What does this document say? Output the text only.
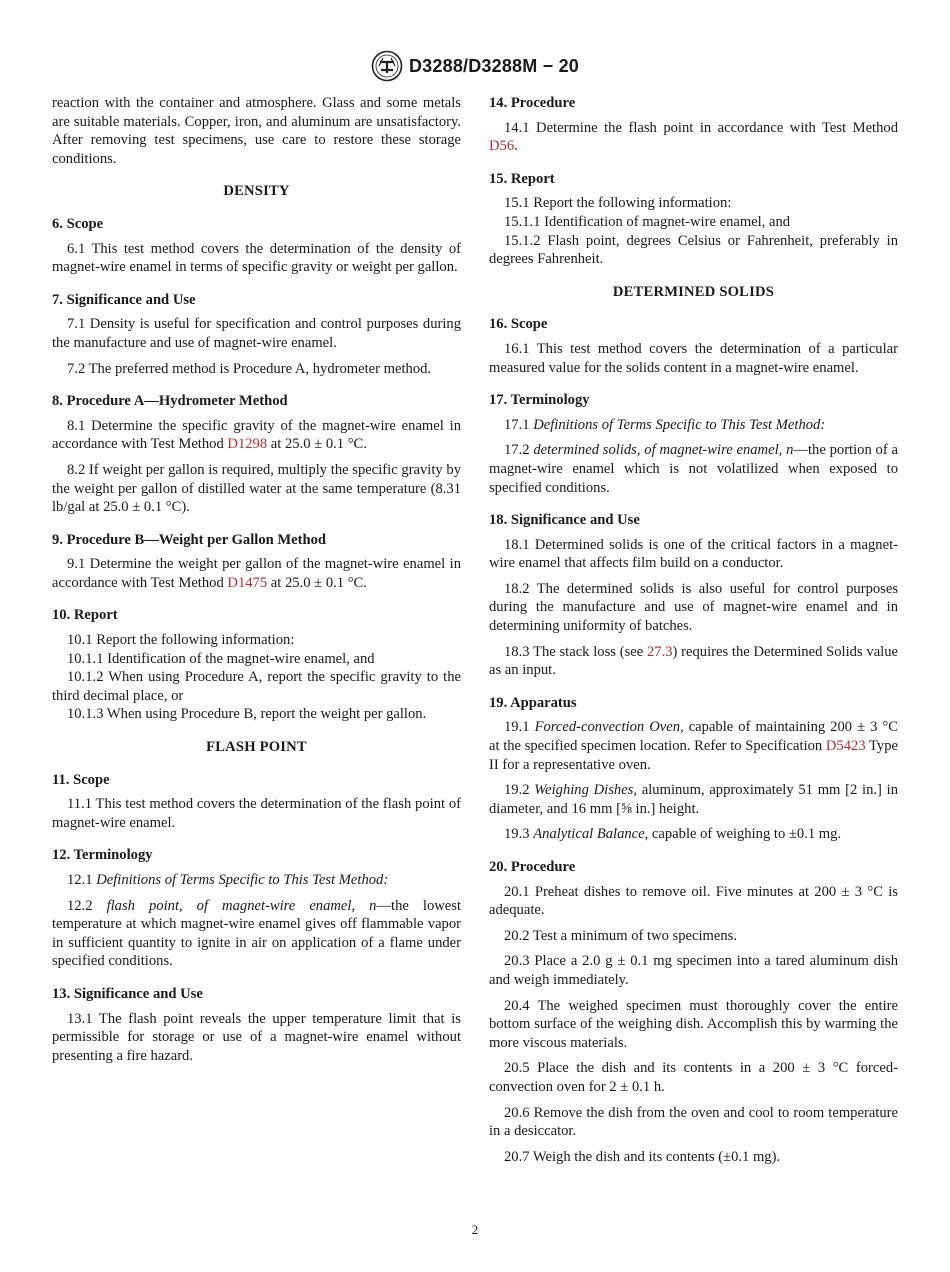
D3288/D3288M − 20

reaction with the container and atmosphere. Glass and some metals are suitable materials. Copper, iron, and aluminum are unsatisfactory. After removing test specimens, use care to restore these storage conditions.

DENSITY
6. Scope

6.1 This test method covers the determination of the density of magnet-wire enamel in terms of specific gravity or weight per gallon.

7. Significance and Use

7.1 Density is useful for specification and control purposes during the manufacture and use of magnet-wire enamel.

7.2 The preferred method is Procedure A, hydrometer method.

8. Procedure A—Hydrometer Method

8.1 Determine the specific gravity of the magnet-wire enamel in accordance with Test Method D1298 at 25.0 ± 0.1 °C.

8.2 If weight per gallon is required, multiply the specific gravity by the weight per gallon of distilled water at the same temperature (8.31 lb/gal at 25.0 ± 0.1 °C).

9. Procedure B—Weight per Gallon Method

9.1 Determine the weight per gallon of the magnet-wire enamel in accordance with Test Method D1475 at 25.0 ± 0.1 °C.

10. Report

10.1 Report the following information:

10.1.1 Identification of the magnet-wire enamel, and

10.1.2 When using Procedure A, report the specific gravity to the third decimal place, or

10.1.3 When using Procedure B, report the weight per gallon.

FLASH POINT
11. Scope

11.1 This test method covers the determination of the flash point of magnet-wire enamel.

12. Terminology

12.1 Definitions of Terms Specific to This Test Method:

12.2 flash point, of magnet-wire enamel, n—the lowest temperature at which magnet-wire enamel gives off flammable vapor in sufficient quantity to ignite in air on application of a flame under specified conditions.

13. Significance and Use

13.1 The flash point reveals the upper temperature limit that is permissible for storage or use of a magnet-wire enamel without presenting a fire hazard.

14. Procedure

14.1 Determine the flash point in accordance with Test Method D56.

15. Report

15.1 Report the following information:

15.1.1 Identification of magnet-wire enamel, and

15.1.2 Flash point, degrees Celsius or Fahrenheit, preferably in degrees Fahrenheit.

DETERMINED SOLIDS
16. Scope

16.1 This test method covers the determination of a particular measured value for the solids content in a magnet-wire enamel.

17. Terminology

17.1 Definitions of Terms Specific to This Test Method:

17.2 determined solids, of magnet-wire enamel, n—the portion of a magnet-wire enamel which is not volatilized when exposed to specified conditions.

18. Significance and Use

18.1 Determined solids is one of the critical factors in a magnet-wire enamel that affects film build on a conductor.

18.2 The determined solids is also useful for control purposes during the manufacture and use of magnet-wire enamel and in determining uniformity of batches.

18.3 The stack loss (see 27.3) requires the Determined Solids value as an input.

19. Apparatus

19.1 Forced-convection Oven, capable of maintaining 200 ± 3 °C at the specified specimen location. Refer to Specification D5423 Type II for a representative oven.

19.2 Weighing Dishes, aluminum, approximately 51 mm [2 in.] in diameter, and 16 mm [⅝ in.] height.

19.3 Analytical Balance, capable of weighing to ±0.1 mg.

20. Procedure

20.1 Preheat dishes to remove oil. Five minutes at 200 ± 3 °C is adequate.

20.2 Test a minimum of two specimens.

20.3 Place a 2.0 g ± 0.1 mg specimen into a tared aluminum dish and weigh immediately.

20.4 The weighed specimen must thoroughly cover the entire bottom surface of the weighing dish. Accomplish this by warming the more viscous materials.

20.5 Place the dish and its contents in a 200 ± 3 °C forced-convection oven for 2 ± 0.1 h.

20.6 Remove the dish from the oven and cool to room temperature in a desiccator.

20.7 Weigh the dish and its contents (±0.1 mg).

2
